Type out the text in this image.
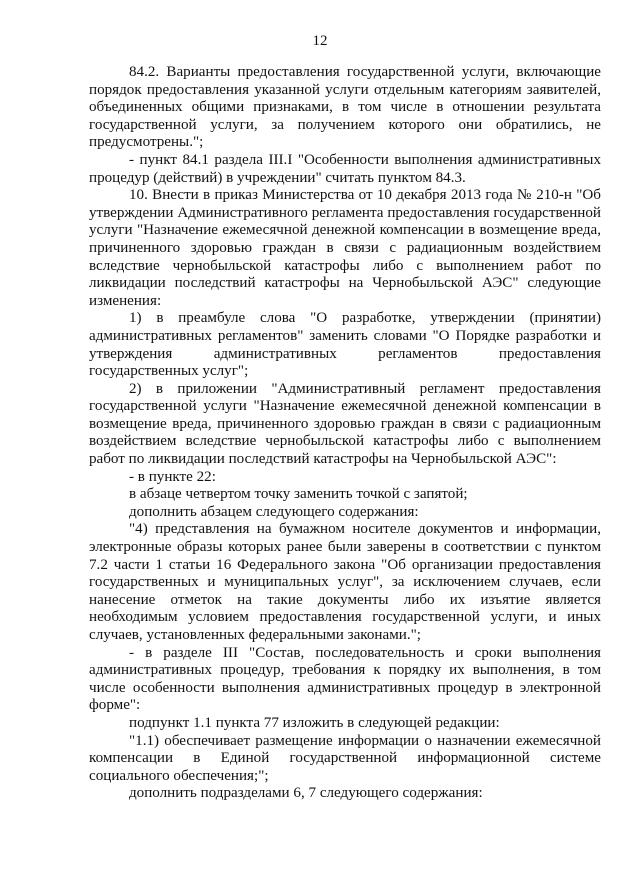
12

84.2. Варианты предоставления государственной услуги, включающие порядок предоставления указанной услуги отдельным категориям заявителей, объединенных общими признаками, в том числе в отношении результата государственной услуги, за получением которого они обратились, не предусмотрены.";

- пункт 84.1 раздела III.I "Особенности выполнения административных процедур (действий) в учреждении" считать пунктом 84.3.

10. Внести в приказ Министерства от 10 декабря 2013 года № 210-н "Об утверждении Административного регламента предоставления государственной услуги "Назначение ежемесячной денежной компенсации в возмещение вреда, причиненного здоровью граждан в связи с радиационным воздействием вследствие чернобыльской катастрофы либо с выполнением работ по ликвидации последствий катастрофы на Чернобыльской АЭС" следующие изменения:

1) в преамбуле слова "О разработке, утверждении (принятии) административных регламентов" заменить словами "О Порядке разработки и утверждения административных регламентов предоставления государственных услуг";

2) в приложении "Административный регламент предоставления государственной услуги "Назначение ежемесячной денежной компенсации в возмещение вреда, причиненного здоровью граждан в связи с радиационным воздействием вследствие чернобыльской катастрофы либо с выполнением работ по ликвидации последствий катастрофы на Чернобыльской АЭС":

- в пункте 22:

в абзаце четвертом точку заменить точкой с запятой;

дополнить абзацем следующего содержания:

"4) представления на бумажном носителе документов и информации, электронные образы которых ранее были заверены в соответствии с пунктом 7.2 части 1 статьи 16 Федерального закона "Об организации предоставления государственных и муниципальных услуг", за исключением случаев, если нанесение отметок на такие документы либо их изъятие является необходимым условием предоставления государственной услуги, и иных случаев, установленных федеральными законами.";

- в разделе III "Состав, последовательность и сроки выполнения административных процедур, требования к порядку их выполнения, в том числе особенности выполнения административных процедур в электронной форме":

подпункт 1.1 пункта 77 изложить в следующей редакции:

"1.1) обеспечивает размещение информации о назначении ежемесячной компенсации в Единой государственной информационной системе социального обеспечения;";

дополнить подразделами 6, 7 следующего содержания:
